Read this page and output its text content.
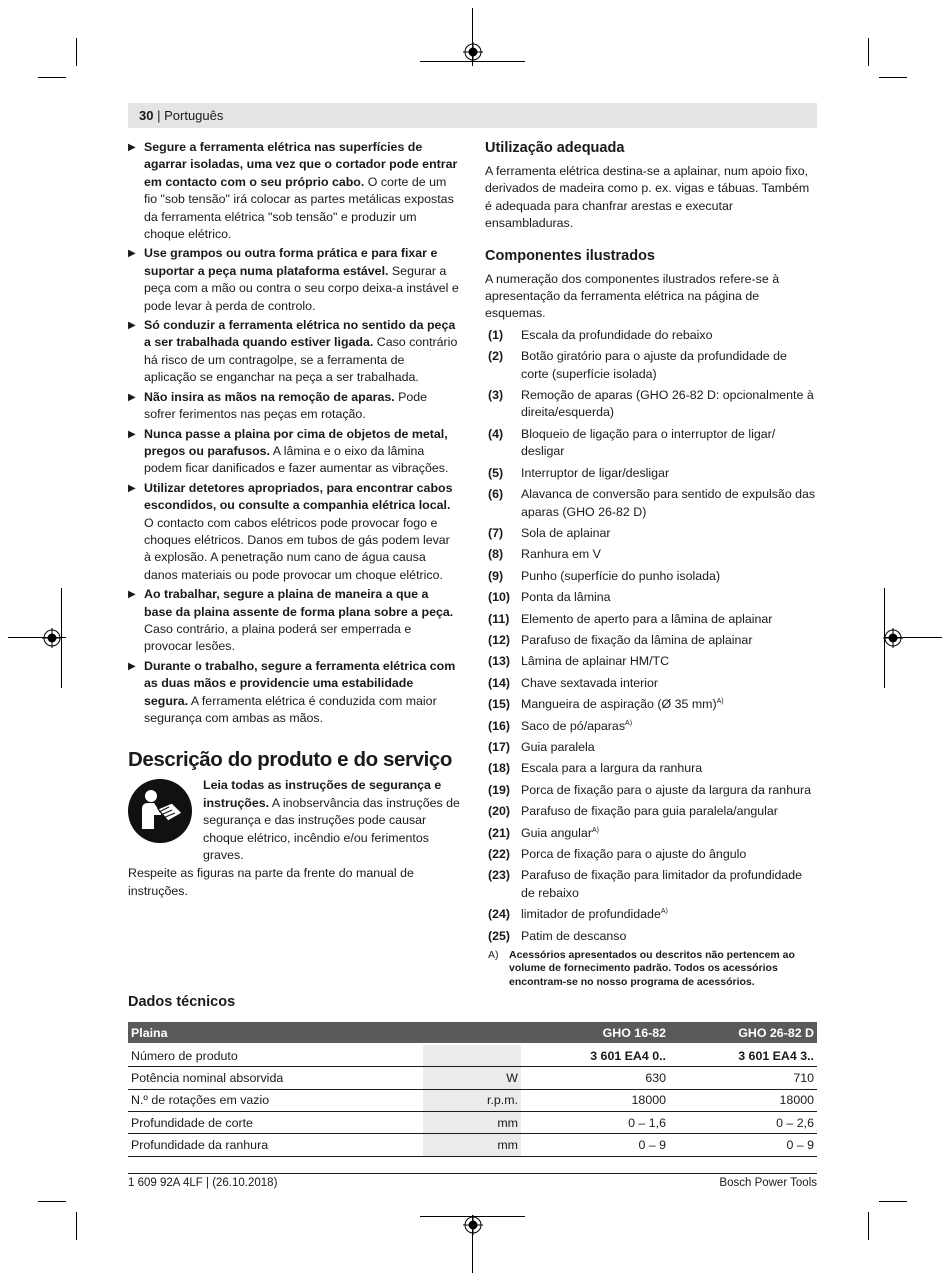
30 | Português
▶ Segure a ferramenta elétrica nas superfícies de agarrar isoladas, uma vez que o cortador pode entrar em contacto com o seu próprio cabo. O corte de um fio "sob tensão" irá colocar as partes metálicas expostas da ferramenta elétrica "sob tensão" e produzir um choque elétrico.
▶ Use grampos ou outra forma prática e para fixar e suportar a peça numa plataforma estável. Segurar a peça com a mão ou contra o seu corpo deixa-a instável e pode levar à perda de controlo.
▶ Só conduzir a ferramenta elétrica no sentido da peça a ser trabalhada quando estiver ligada. Caso contrário há risco de um contragolpe, se a ferramenta de aplicação se enganchar na peça a ser trabalhada.
▶ Não insira as mãos na remoção de aparas. Pode sofrer ferimentos nas peças em rotação.
▶ Nunca passe a plaina por cima de objetos de metal, pregos ou parafusos. A lâmina e o eixo da lâmina podem ficar danificados e fazer aumentar as vibrações.
▶ Utilizar detetores apropriados, para encontrar cabos escondidos, ou consulte a companhia elétrica local. O contacto com cabos elétricos pode provocar fogo e choques elétricos. Danos em tubos de gás podem levar à explosão. A penetração num cano de água causa danos materiais ou pode provocar um choque elétrico.
▶ Ao trabalhar, segure a plaina de maneira a que a base da plaina assente de forma plana sobre a peça. Caso contrário, a plaina poderá ser emperrada e provocar lesões.
▶ Durante o trabalho, segure a ferramenta elétrica com as duas mãos e providencie uma estabilidade segura. A ferramenta elétrica é conduzida com maior segurança com ambas as mãos.
Descrição do produto e do serviço
Leia todas as instruções de segurança e instruções. A inobservância das instruções de segurança e das instruções pode causar choque elétrico, incêndio e/ou ferimentos graves.
Respeite as figuras na parte da frente do manual de instruções.
Utilização adequada
A ferramenta elétrica destina-se a aplainar, num apoio fixo, derivados de madeira como p. ex. vigas e tábuas. Também é adequada para chanfrar arestas e executar ensambladuras.
Componentes ilustrados
A numeração dos componentes ilustrados refere-se à apresentação da ferramenta elétrica na página de esquemas.
(1) Escala da profundidade do rebaixo
(2) Botão giratório para o ajuste da profundidade de corte (superfície isolada)
(3) Remoção de aparas (GHO 26-82 D: opcionalmente à direita/esquerda)
(4) Bloqueio de ligação para o interruptor de ligar/ desligar
(5) Interruptor de ligar/desligar
(6) Alavanca de conversão para sentido de expulsão das aparas (GHO 26-82 D)
(7) Sola de aplainar
(8) Ranhura em V
(9) Punho (superfície do punho isolada)
(10) Ponta da lâmina
(11) Elemento de aperto para a lâmina de aplainar
(12) Parafuso de fixação da lâmina de aplainar
(13) Lâmina de aplainar HM/TC
(14) Chave sextavada interior
(15) Mangueira de aspiração (Ø 35 mm)$^{A)}$
(16) Saco de pó/aparas$^{A)}$
(17) Guia paralela
(18) Escala para a largura da ranhura
(19) Porca de fixação para o ajuste da largura da ranhura
(20) Parafuso de fixação para guia paralela/angular
(21) Guia angular$^{A)}$
(22) Porca de fixação para o ajuste do ângulo
(23) Parafuso de fixação para limitador da profundidade de rebaixo
(24) limitador de profundidade$^{A)}$
(25) Patim de descanso
A) Acessórios apresentados ou descritos não pertencem ao volume de fornecimento padrão. Todos os acessórios encontram-se no nosso programa de acessórios.
Dados técnicos
Plaina		GHO 16-82	GHO 26-82 D
Número de produto		3 601 EA4 0..	3 601 EA4 3..
Potência nominal absorvida	W	630	710
N.º de rotações em vazio	r.p.m.	18000	18000
Profundidade de corte	mm	0 – 1,6	0 – 2,6
Profundidade da ranhura	mm	0 – 9	0 – 9
1 609 92A 4LF | (26.10.2018)	Bosch Power Tools
